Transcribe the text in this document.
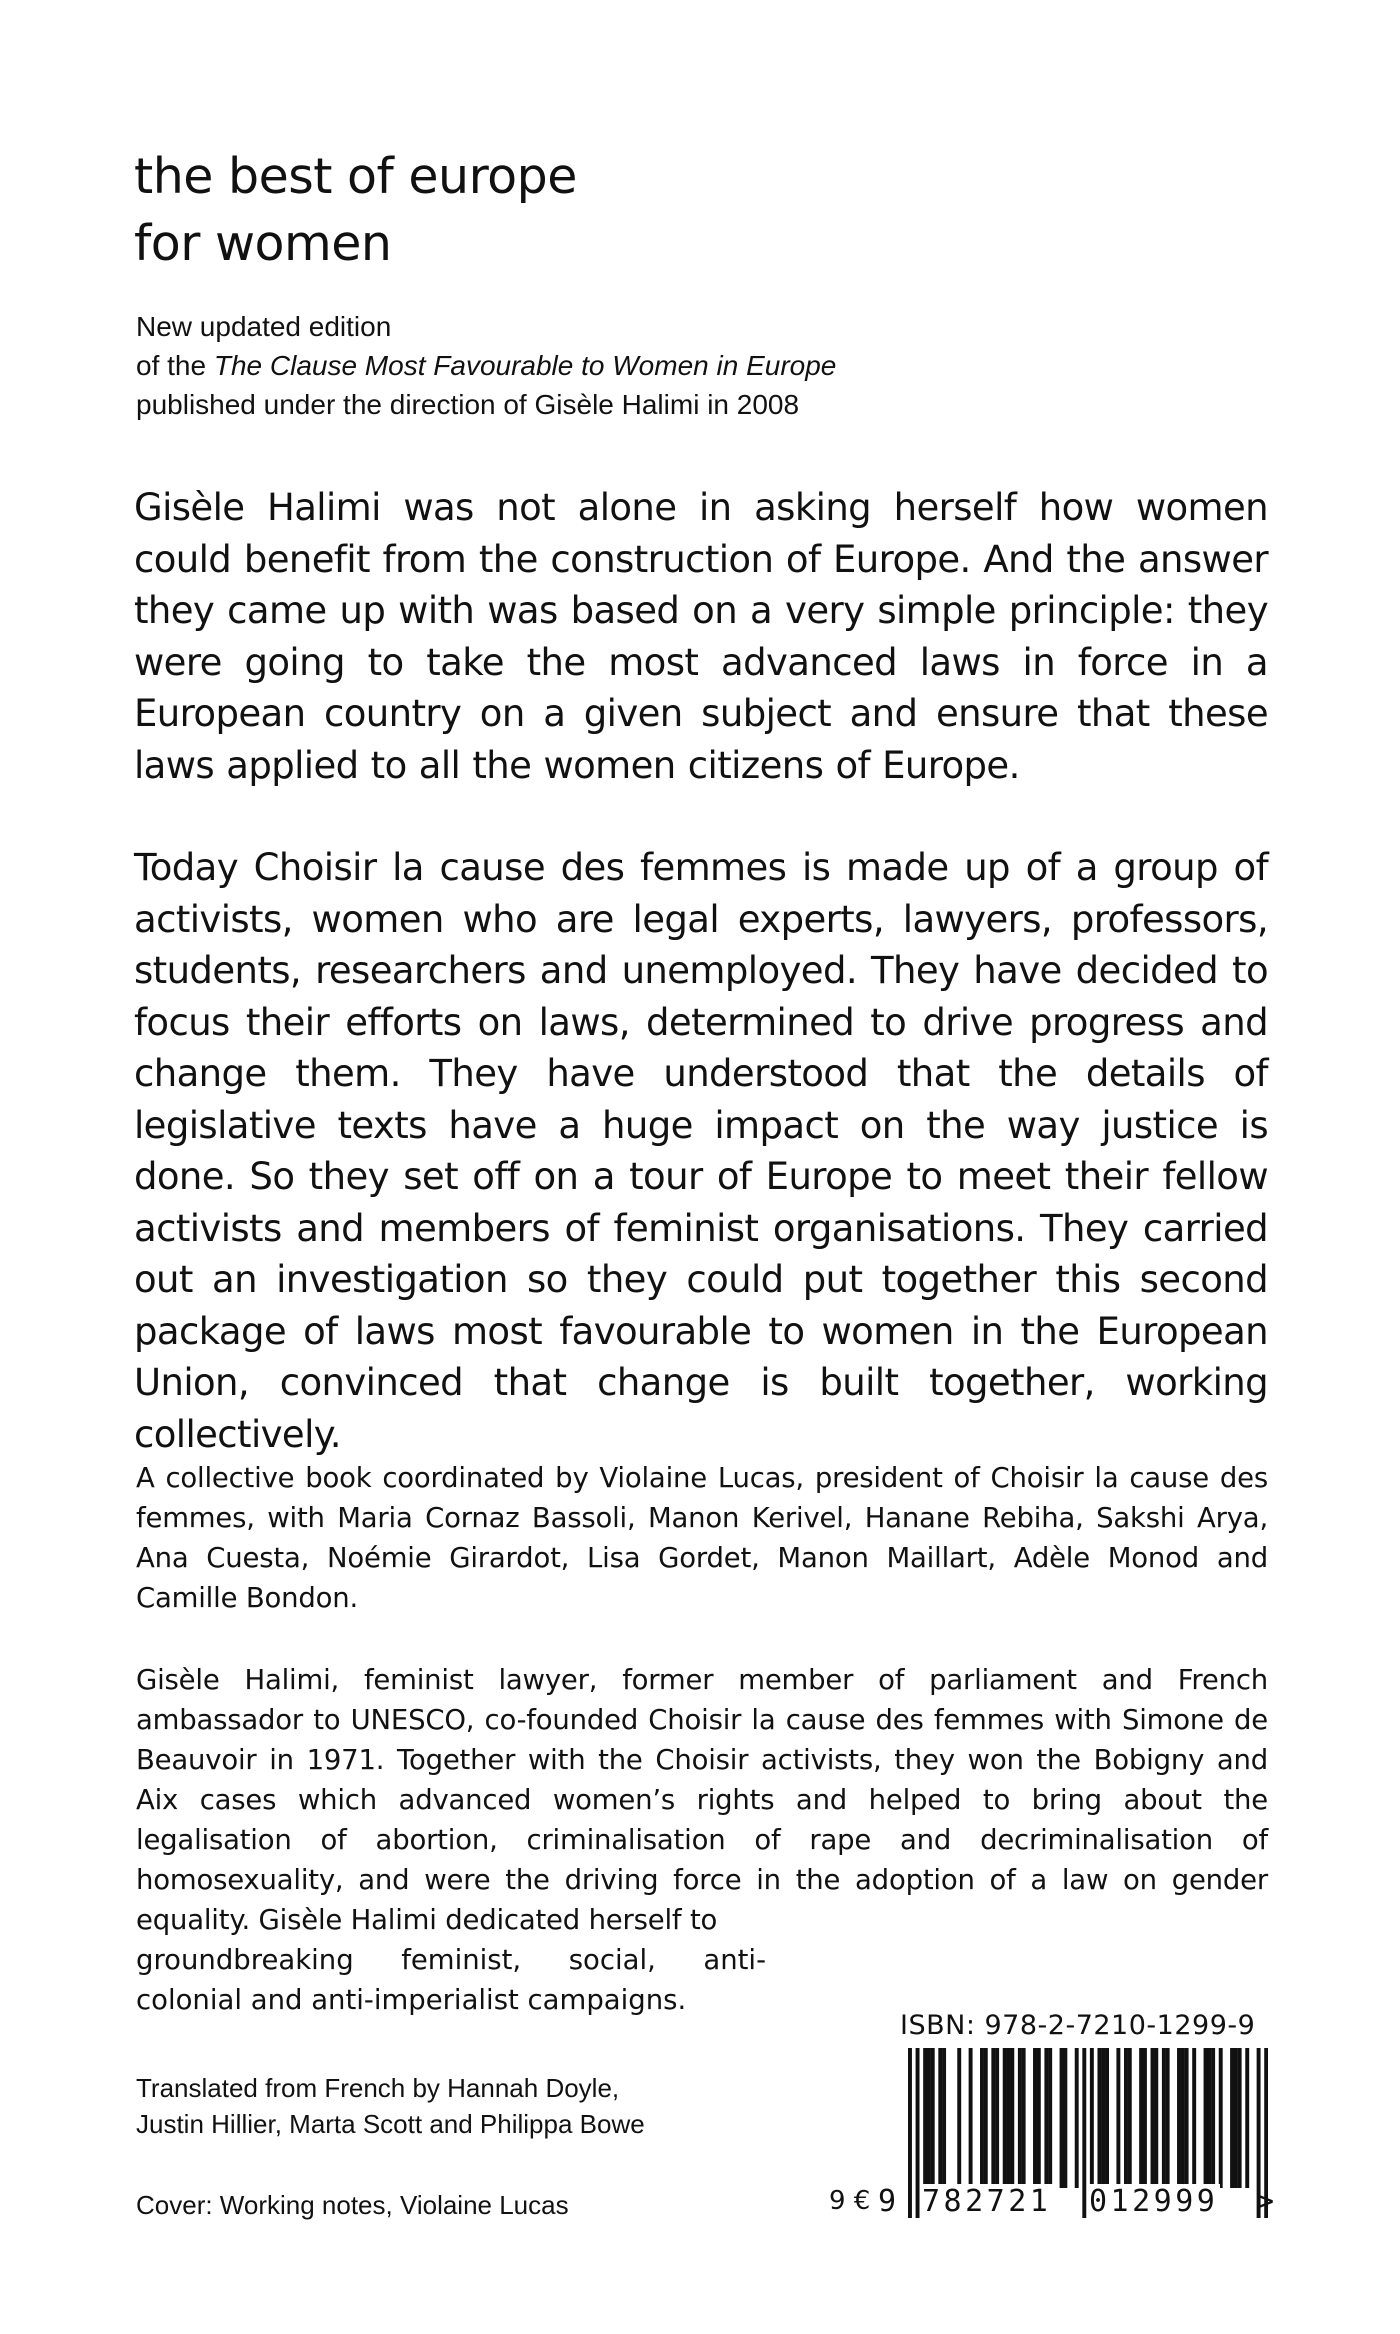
the best of europe
for women

New updated edition
of the The Clause Most Favourable to Women in Europe
published under the direction of Gisèle Halimi in 2008

Gisèle Halimi was not alone in asking herself how women could benefit from the construction of Europe. And the answer they came up with was based on a very simple principle: they were going to take the most advanced laws in force in a European country on a given subject and ensure that these laws applied to all the women citizens of Europe.

Today Choisir la cause des femmes is made up of a group of activists, women who are legal experts, lawyers, professors, students, researchers and unemployed. They have decided to focus their efforts on laws, determined to drive progress and change them. They have understood that the details of legislative texts have a huge impact on the way justice is done. So they set off on a tour of Europe to meet their fellow activists and members of feminist organisations. They carried out an investigation so they could put together this second package of laws most favourable to women in the European Union, convinced that change is built together, working collectively.

A collective book coordinated by Violaine Lucas, president of Choisir la cause des femmes, with Maria Cornaz Bassoli, Manon Kerivel, Hanane Rebiha, Sakshi Arya, Ana Cuesta, Noémie Girardot, Lisa Gordet, Manon Maillart, Adèle Monod and Camille Bondon.

Gisèle Halimi, feminist lawyer, former member of parliament and French ambassador to UNESCO, co-founded Choisir la cause des femmes with Simone de Beauvoir in 1971. Together with the Choisir activists, they won the Bobigny and Aix cases which advanced women’s rights and helped to bring about the legalisation of abortion, criminalisation of rape and decriminalisation of homosexuality, and were the driving force in the adoption of a law on gender equality. Gisèle Halimi dedicated herself to

groundbreaking feminist, social, anti-

colonial and anti-imperialist campaigns.

ISBN: 978-2-7210-1299-9

9 782721 012999 >

Translated from French by Hannah Doyle,
Justin Hillier, Marta Scott and Philippa Bowe

Cover: Working notes, Violaine Lucas	9 €
